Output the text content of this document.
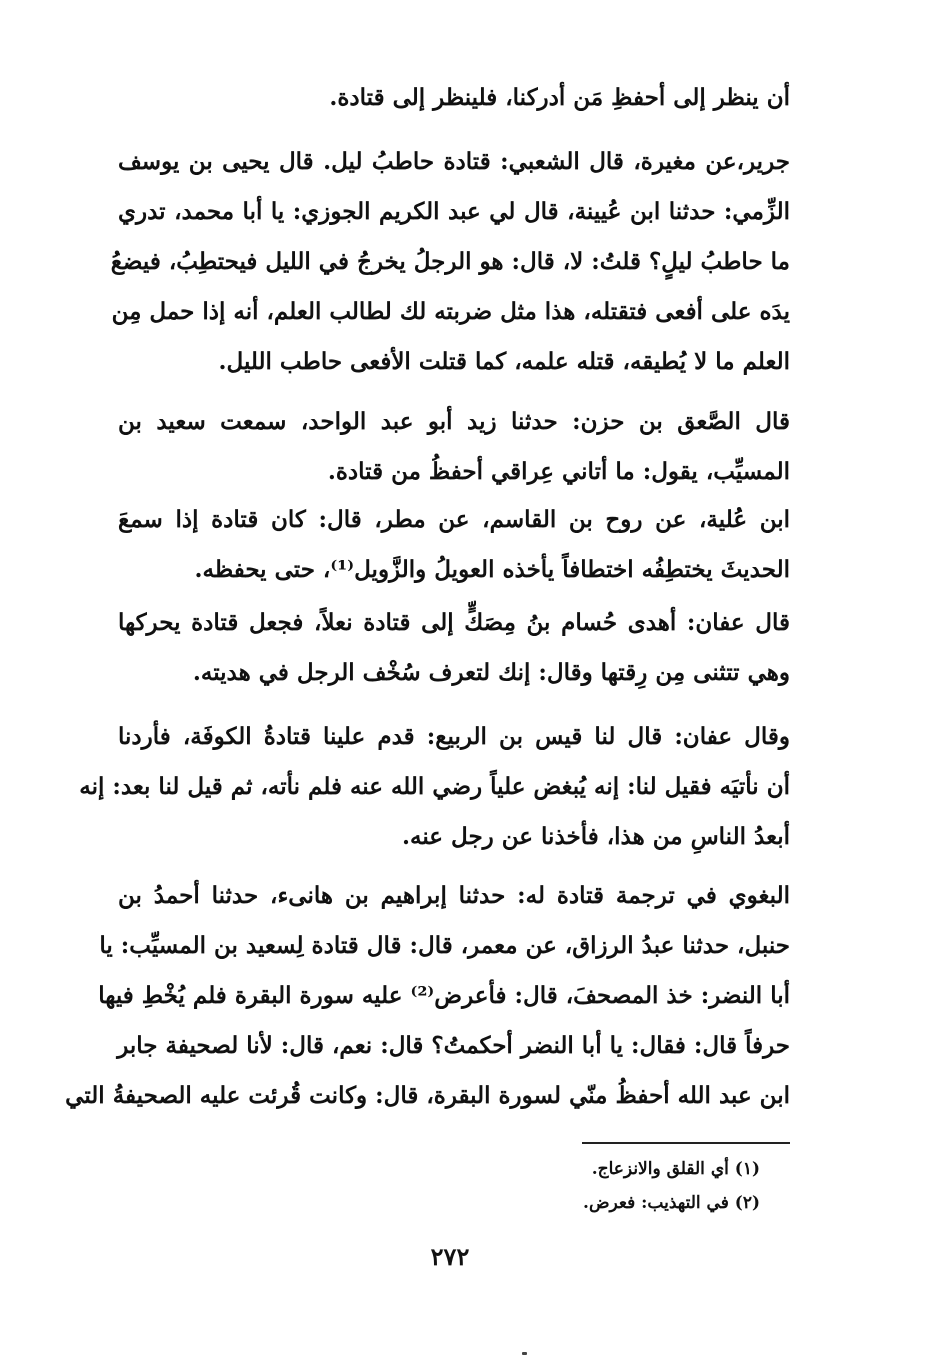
أن ينظر إلى أحفظِ مَن أدركنا، فلينظر إلى قتادة.
جرير،عن مغيرة، قال الشعبي: قتادة حاطبُ ليل. قال يحيى بن يوسف
الزِّمي: حدثنا ابن عُيينة، قال لي عبد الكريم الجوزي: يا أبا محمد، تدري
ما حاطبُ ليلٍ؟ قلتُ: لا، قال: هو الرجلُ يخرجُ في الليل فيحتطِبُ، فيضعُ
يدَه على أفعى فتقتله، هذا مثل ضربته لك لطالب العلم، أنه إذا حمل مِن
العلم ما لا يُطيقه، قتله علمه، كما قتلت الأفعى حاطب الليل.
قال الصَّعق بن حزن: حدثنا زيد أبو عبد الواحد، سمعت سعيد بن
المسيِّب، يقول: ما أتاني عِراقي أحفظُ من قتادة.
ابن عُلية، عن روح بن القاسم، عن مطر، قال: كان قتادة إذا سمعَ
الحديثَ يختطِفُه اختطافاً يأخذه العويلُ والزَّويل⁽¹⁾، حتى يحفظه.
قال عفان: أهدى حُسام بنُ مِصَكٍّ إلى قتادة نعلاً، فجعل قتادة يحركها
وهي تتثنى مِن رِقتها وقال: إنك لتعرف سُخْف الرجل في هديته.
وقال عفان: قال لنا قيس بن الربيع: قدم علينا قتادةُ الكوفَة، فأردنا
أن نأتيَه فقيل لنا: إنه يُبغض علياً رضي الله عنه فلم نأته، ثم قيل لنا بعد: إنه
أبعدُ الناسِ من هذا، فأخذنا عن رجل عنه.
البغوي في ترجمة قتادة له: حدثنا إبراهيم بن هانىء، حدثنا أحمدُ بن
حنبل، حدثنا عبدُ الرزاق، عن معمر، قال: قال قتادة لِسعيد بن المسيِّب: يا
أبا النضر: خذ المصحفَ، قال: فأعرض⁽²⁾ عليه سورة البقرة فلم يُخْطِ فيها
حرفاً قال: فقال: يا أبا النضر أحكمتُ؟ قال: نعم، قال: لأنا لصحيفة جابر
ابن عبد الله أحفظُ منّي لسورة البقرة، قال: وكانت قُرئت عليه الصحيفةُ التي
(١) أي القلق والانزعاج.
(٢) في التهذيب: فعرض.
٢٧٢
